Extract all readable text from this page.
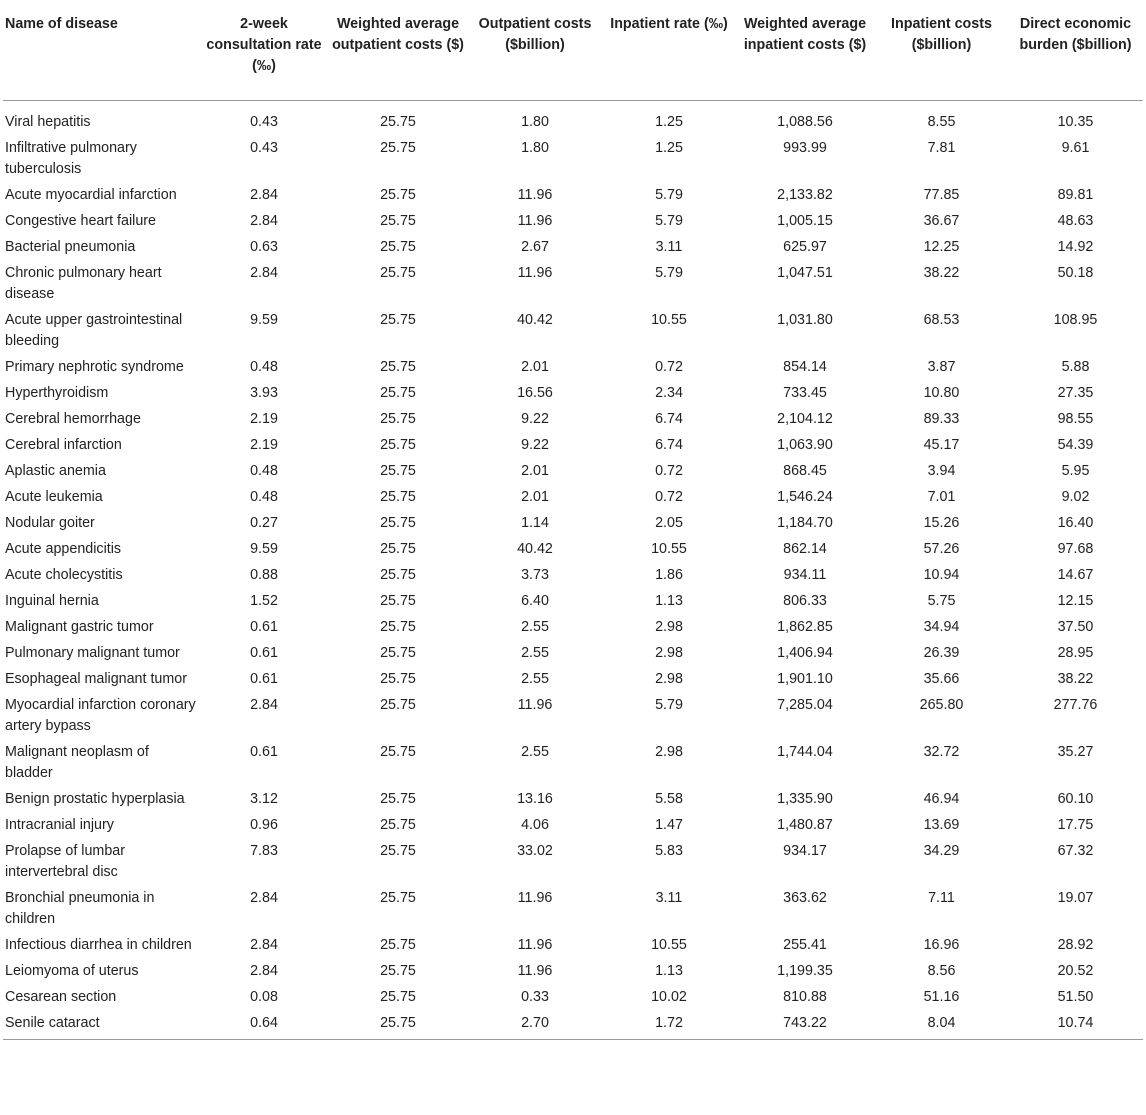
Name of disease	2-week consultation rate (‰)	Weighted average outpatient costs ($)	Outpatient costs ($billion)	Inpatient rate (‰)	Weighted average inpatient costs ($)	Inpatient costs ($billion)	Direct economic burden ($billion)

Viral hepatitis	0.43	25.75	1.80	1.25	1,088.56	8.55	10.35
Infiltrative pulmonary tuberculosis	0.43	25.75	1.80	1.25	993.99	7.81	9.61
Acute myocardial infarction	2.84	25.75	11.96	5.79	2,133.82	77.85	89.81
Congestive heart failure	2.84	25.75	11.96	5.79	1,005.15	36.67	48.63
Bacterial pneumonia	0.63	25.75	2.67	3.11	625.97	12.25	14.92
Chronic pulmonary heart disease	2.84	25.75	11.96	5.79	1,047.51	38.22	50.18
Acute upper gastrointestinal bleeding	9.59	25.75	40.42	10.55	1,031.80	68.53	108.95
Primary nephrotic syndrome	0.48	25.75	2.01	0.72	854.14	3.87	5.88
Hyperthyroidism	3.93	25.75	16.56	2.34	733.45	10.80	27.35
Cerebral hemorrhage	2.19	25.75	9.22	6.74	2,104.12	89.33	98.55
Cerebral infarction	2.19	25.75	9.22	6.74	1,063.90	45.17	54.39
Aplastic anemia	0.48	25.75	2.01	0.72	868.45	3.94	5.95
Acute leukemia	0.48	25.75	2.01	0.72	1,546.24	7.01	9.02
Nodular goiter	0.27	25.75	1.14	2.05	1,184.70	15.26	16.40
Acute appendicitis	9.59	25.75	40.42	10.55	862.14	57.26	97.68
Acute cholecystitis	0.88	25.75	3.73	1.86	934.11	10.94	14.67
Inguinal hernia	1.52	25.75	6.40	1.13	806.33	5.75	12.15
Malignant gastric tumor	0.61	25.75	2.55	2.98	1,862.85	34.94	37.50
Pulmonary malignant tumor	0.61	25.75	2.55	2.98	1,406.94	26.39	28.95
Esophageal malignant tumor	0.61	25.75	2.55	2.98	1,901.10	35.66	38.22
Myocardial infarction coronary artery bypass	2.84	25.75	11.96	5.79	7,285.04	265.80	277.76
Malignant neoplasm of bladder	0.61	25.75	2.55	2.98	1,744.04	32.72	35.27
Benign prostatic hyperplasia	3.12	25.75	13.16	5.58	1,335.90	46.94	60.10
Intracranial injury	0.96	25.75	4.06	1.47	1,480.87	13.69	17.75
Prolapse of lumbar intervertebral disc	7.83	25.75	33.02	5.83	934.17	34.29	67.32
Bronchial pneumonia in children	2.84	25.75	11.96	3.11	363.62	7.11	19.07
Infectious diarrhea in children	2.84	25.75	11.96	10.55	255.41	16.96	28.92
Leiomyoma of uterus	2.84	25.75	11.96	1.13	1,199.35	8.56	20.52
Cesarean section	0.08	25.75	0.33	10.02	810.88	51.16	51.50
Senile cataract	0.64	25.75	2.70	1.72	743.22	8.04	10.74
